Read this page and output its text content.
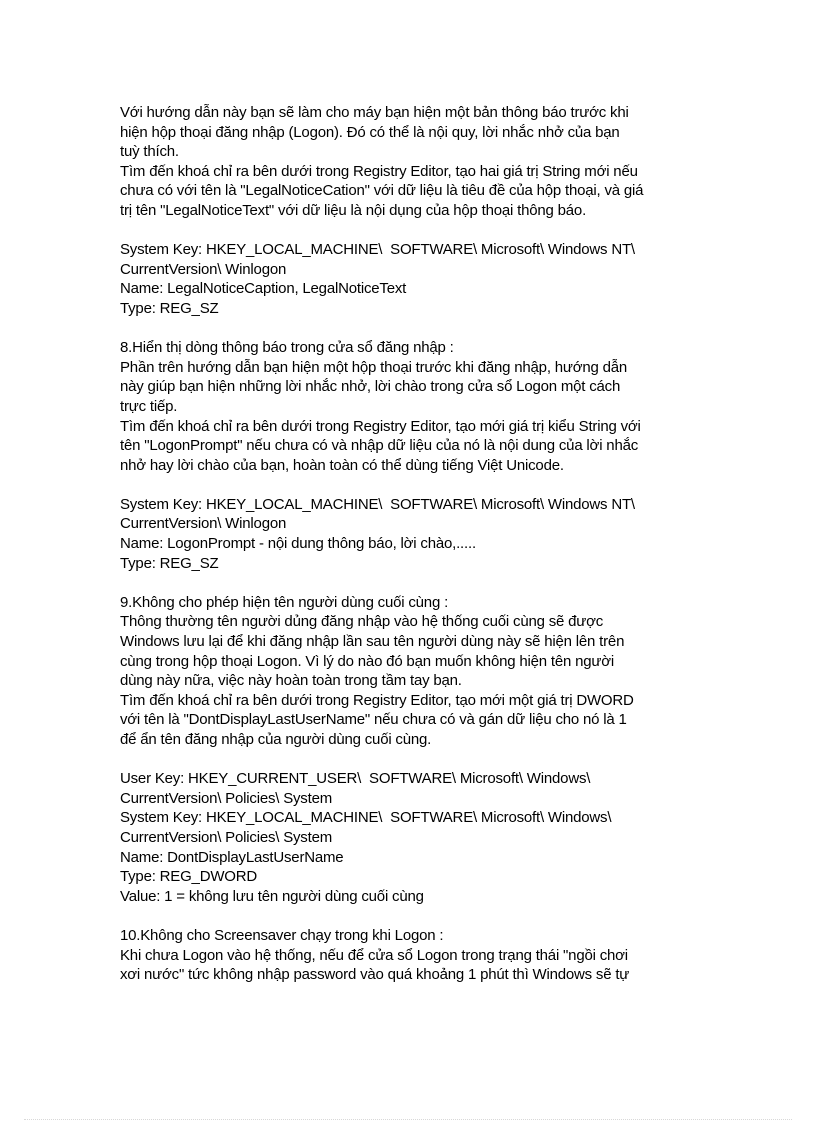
Với hướng dẫn này bạn sẽ làm cho máy bạn hiện một bản thông báo trước khi
hiện hộp thoại đăng nhập (Logon). Đó có thể là nội quy, lời nhắc nhở của bạn
tuỳ thích.
Tìm đến khoá chỉ ra bên dưới trong Registry Editor, tạo hai giá trị String mới nếu
chưa có với tên là "LegalNoticeCation" với dữ liệu là tiêu đề của hộp thoại, và giá
trị tên "LegalNoticeText" với dữ liệu là nội dụng của hộp thoại thông báo.
System Key: HKEY_LOCAL_MACHINE\  SOFTWARE\ Microsoft\ Windows NT\
CurrentVersion\ Winlogon
Name: LegalNoticeCaption, LegalNoticeText
Type: REG_SZ
8.Hiển thị dòng thông báo trong cửa sổ đăng nhập :
Phần trên hướng dẫn bạn hiện một hộp thoại trước khi đăng nhập, hướng dẫn
này giúp bạn hiện những lời nhắc nhở, lời chào trong cửa sổ Logon một cách
trực tiếp.
Tìm đến khoá chỉ ra bên dưới trong Registry Editor, tạo mới giá trị kiểu String với
tên "LogonPrompt" nếu chưa có và nhập dữ liệu của nó là nội dung của lời nhắc
nhở hay lời chào của bạn, hoàn toàn có thể dùng tiếng Việt Unicode.
System Key: HKEY_LOCAL_MACHINE\  SOFTWARE\ Microsoft\ Windows NT\
CurrentVersion\ Winlogon
Name: LogonPrompt - nội dung thông báo, lời chào,.....
Type: REG_SZ
9.Không cho phép hiện tên người dùng cuối cùng :
Thông thường tên người dủng đăng nhập vào hệ thống cuối cùng sẽ được
Windows lưu lại để khi đăng nhập lần sau tên người dùng này sẽ hiện lên trên
cùng trong hộp thoại Logon. Vì lý do nào đó bạn muốn không hiện tên người
dùng này nữa, việc này hoàn toàn trong tầm tay bạn.
Tìm đến khoá chỉ ra bên dưới trong Registry Editor, tạo mới một giá trị DWORD
với tên là "DontDisplayLastUserName" nếu chưa có và gán dữ liệu cho nó là 1
để ẩn tên đăng nhập của người dùng cuối cùng.
User Key: HKEY_CURRENT_USER\  SOFTWARE\ Microsoft\ Windows\
CurrentVersion\ Policies\ System
System Key: HKEY_LOCAL_MACHINE\  SOFTWARE\ Microsoft\ Windows\
CurrentVersion\ Policies\ System
Name: DontDisplayLastUserName
Type: REG_DWORD
Value: 1 = không lưu tên người dùng cuối cùng
10.Không cho Screensaver chạy trong khi Logon :
Khi chưa Logon vào hệ thống, nếu để cửa sổ Logon trong trạng thái "ngồi chơi
xơi nước" tức không nhập password vào quá khoảng 1 phút thì Windows sẽ tự
